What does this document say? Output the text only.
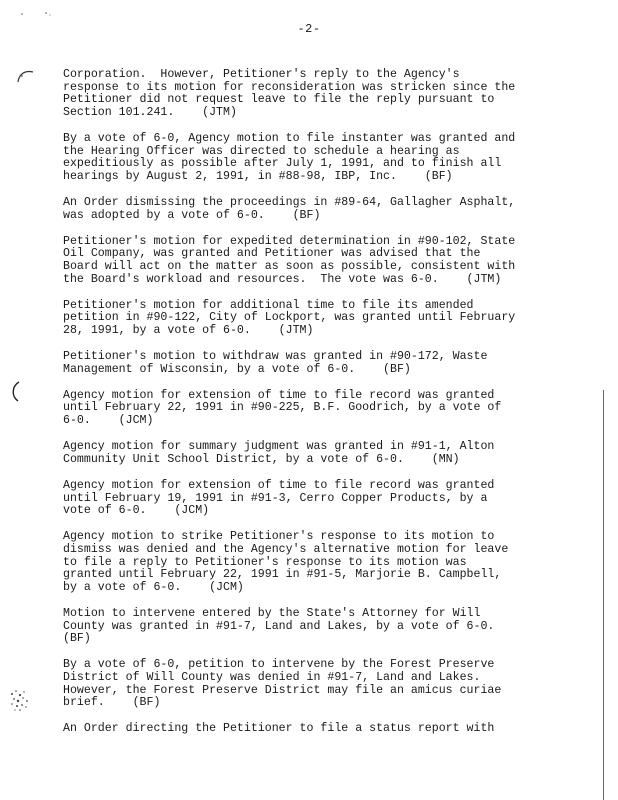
-2-
Corporation.  However, Petitioner's reply to the Agency's
response to its motion for reconsideration was stricken since the
Petitioner did not request leave to file the reply pursuant to
Section 101.241.    (JTM)
By a vote of 6-0, Agency motion to file instanter was granted and
the Hearing Officer was directed to schedule a hearing as
expeditiously as possible after July 1, 1991, and to finish all
hearings by August 2, 1991, in #88-98, IBP, Inc.    (BF)
An Order dismissing the proceedings in #89-64, Gallagher Asphalt,
was adopted by a vote of 6-0.    (BF)
Petitioner's motion for expedited determination in #90-102, State
Oil Company, was granted and Petitioner was advised that the
Board will act on the matter as soon as possible, consistent with
the Board's workload and resources.  The vote was 6-0.    (JTM)
Petitioner's motion for additional time to file its amended
petition in #90-122, City of Lockport, was granted until February
28, 1991, by a vote of 6-0.    (JTM)
Petitioner's motion to withdraw was granted in #90-172, Waste
Management of Wisconsin, by a vote of 6-0.    (BF)
Agency motion for extension of time to file record was granted
until February 22, 1991 in #90-225, B.F. Goodrich, by a vote of
6-0.    (JCM)
Agency motion for summary judgment was granted in #91-1, Alton
Community Unit School District, by a vote of 6-0.    (MN)
Agency motion for extension of time to file record was granted
until February 19, 1991 in #91-3, Cerro Copper Products, by a
vote of 6-0.    (JCM)
Agency motion to strike Petitioner's response to its motion to
dismiss was denied and the Agency's alternative motion for leave
to file a reply to Petitioner's response to its motion was
granted until February 22, 1991 in #91-5, Marjorie B. Campbell,
by a vote of 6-0.    (JCM)
Motion to intervene entered by the State's Attorney for Will
County was granted in #91-7, Land and Lakes, by a vote of 6-0.
(BF)
By a vote of 6-0, petition to intervene by the Forest Preserve
District of Will County was denied in #91-7, Land and Lakes.
However, the Forest Preserve District may file an amicus curiae
brief.    (BF)
An Order directing the Petitioner to file a status report with
